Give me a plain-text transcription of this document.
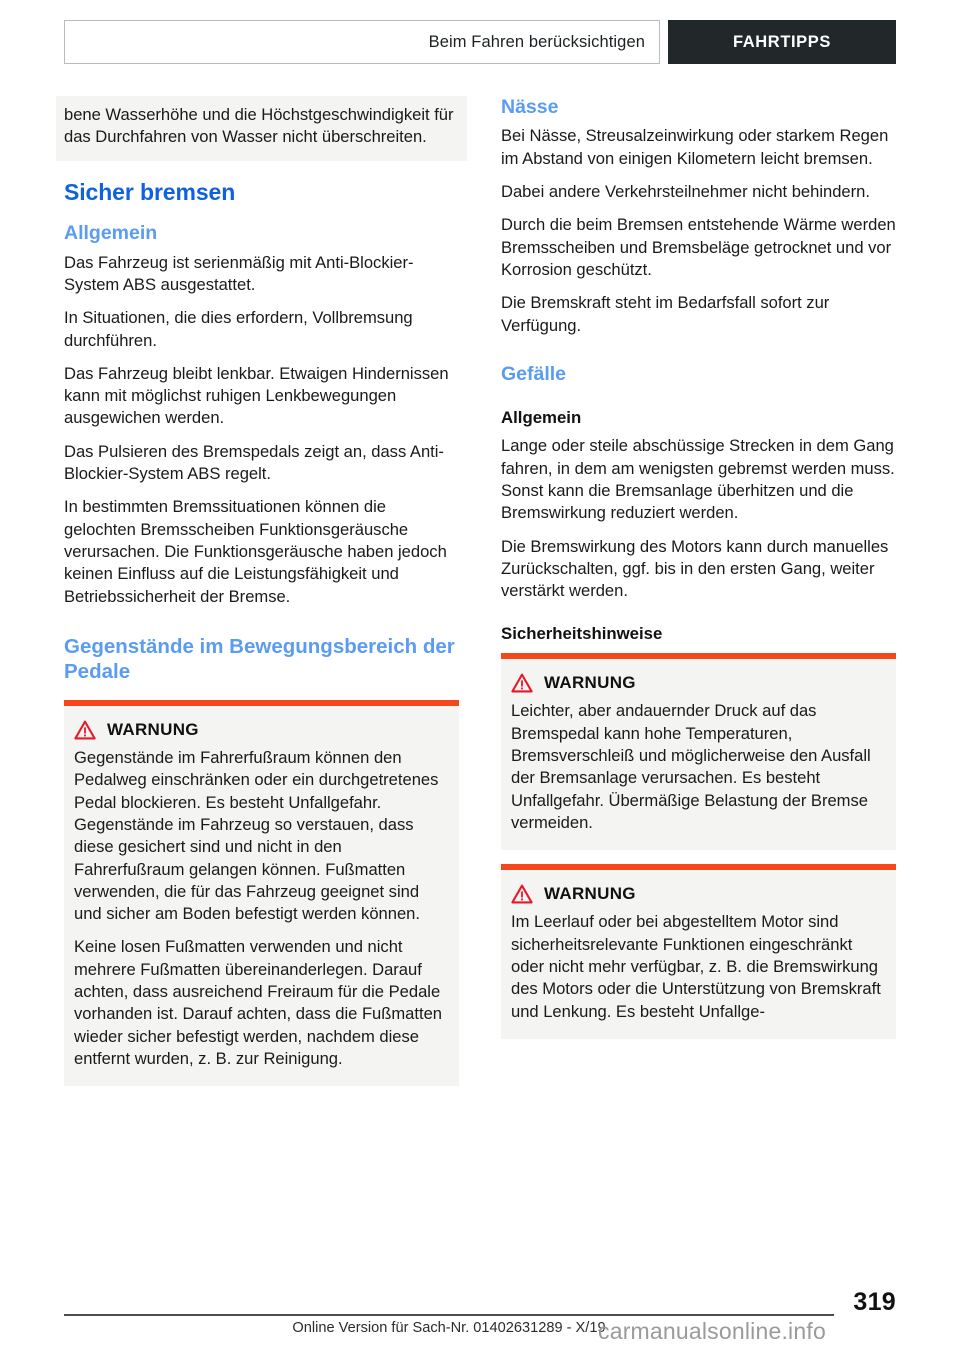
Beim Fahren berücksichtigen	FAHRTIPPS

bene Wasserhöhe und die Höchstgeschwindigkeit für das Durchfahren von Wasser nicht überschreiten.

Sicher bremsen
Allgemein

Das Fahrzeug ist serienmäßig mit Anti-Blockier-System ABS ausgestattet.

In Situationen, die dies erfordern, Vollbremsung durchführen.

Das Fahrzeug bleibt lenkbar. Etwaigen Hindernissen kann mit möglichst ruhigen Lenkbewegungen ausgewichen werden.

Das Pulsieren des Bremspedals zeigt an, dass Anti-Blockier-System ABS regelt.

In bestimmten Bremssituationen können die gelochten Bremsscheiben Funktionsgeräusche verursachen. Die Funktionsgeräusche haben jedoch keinen Einfluss auf die Leistungsfähigkeit und Betriebssicherheit der Bremse.

Gegenstände im Bewegungsbereich der Pedale
WARNUNG

Gegenstände im Fahrerfußraum können den Pedalweg einschränken oder ein durchgetretenes Pedal blockieren. Es besteht Unfallgefahr. Gegenstände im Fahrzeug so verstauen, dass diese gesichert sind und nicht in den Fahrerfußraum gelangen können. Fußmatten verwenden, die für das Fahrzeug geeignet sind und sicher am Boden befestigt werden können.

Keine losen Fußmatten verwenden und nicht mehrere Fußmatten übereinanderlegen. Darauf achten, dass ausreichend Freiraum für die Pedale vorhanden ist. Darauf achten, dass die Fußmatten wieder sicher befestigt werden, nachdem diese entfernt wurden, z. B. zur Reinigung.

Nässe

Bei Nässe, Streusalzeinwirkung oder starkem Regen im Abstand von einigen Kilometern leicht bremsen.

Dabei andere Verkehrsteilnehmer nicht behindern.

Durch die beim Bremsen entstehende Wärme werden Bremsscheiben und Bremsbeläge getrocknet und vor Korrosion geschützt.

Die Bremskraft steht im Bedarfsfall sofort zur Verfügung.

Gefälle
Allgemein

Lange oder steile abschüssige Strecken in dem Gang fahren, in dem am wenigsten gebremst werden muss. Sonst kann die Bremsanlage überhitzen und die Bremswirkung reduziert werden.

Die Bremswirkung des Motors kann durch manuelles Zurückschalten, ggf. bis in den ersten Gang, weiter verstärkt werden.

Sicherheitshinweise
WARNUNG

Leichter, aber andauernder Druck auf das Bremspedal kann hohe Temperaturen, Bremsverschleiß und möglicherweise den Ausfall der Bremsanlage verursachen. Es besteht Unfallgefahr. Übermäßige Belastung der Bremse vermeiden.

WARNUNG

Im Leerlauf oder bei abgestelltem Motor sind sicherheitsrelevante Funktionen eingeschränkt oder nicht mehr verfügbar, z. B. die Bremswirkung des Motors oder die Unterstützung von Bremskraft und Lenkung. Es besteht Unfallge-

319
Online Version für Sach-Nr. 01402631289 - X/19
carmanualsonline.info
